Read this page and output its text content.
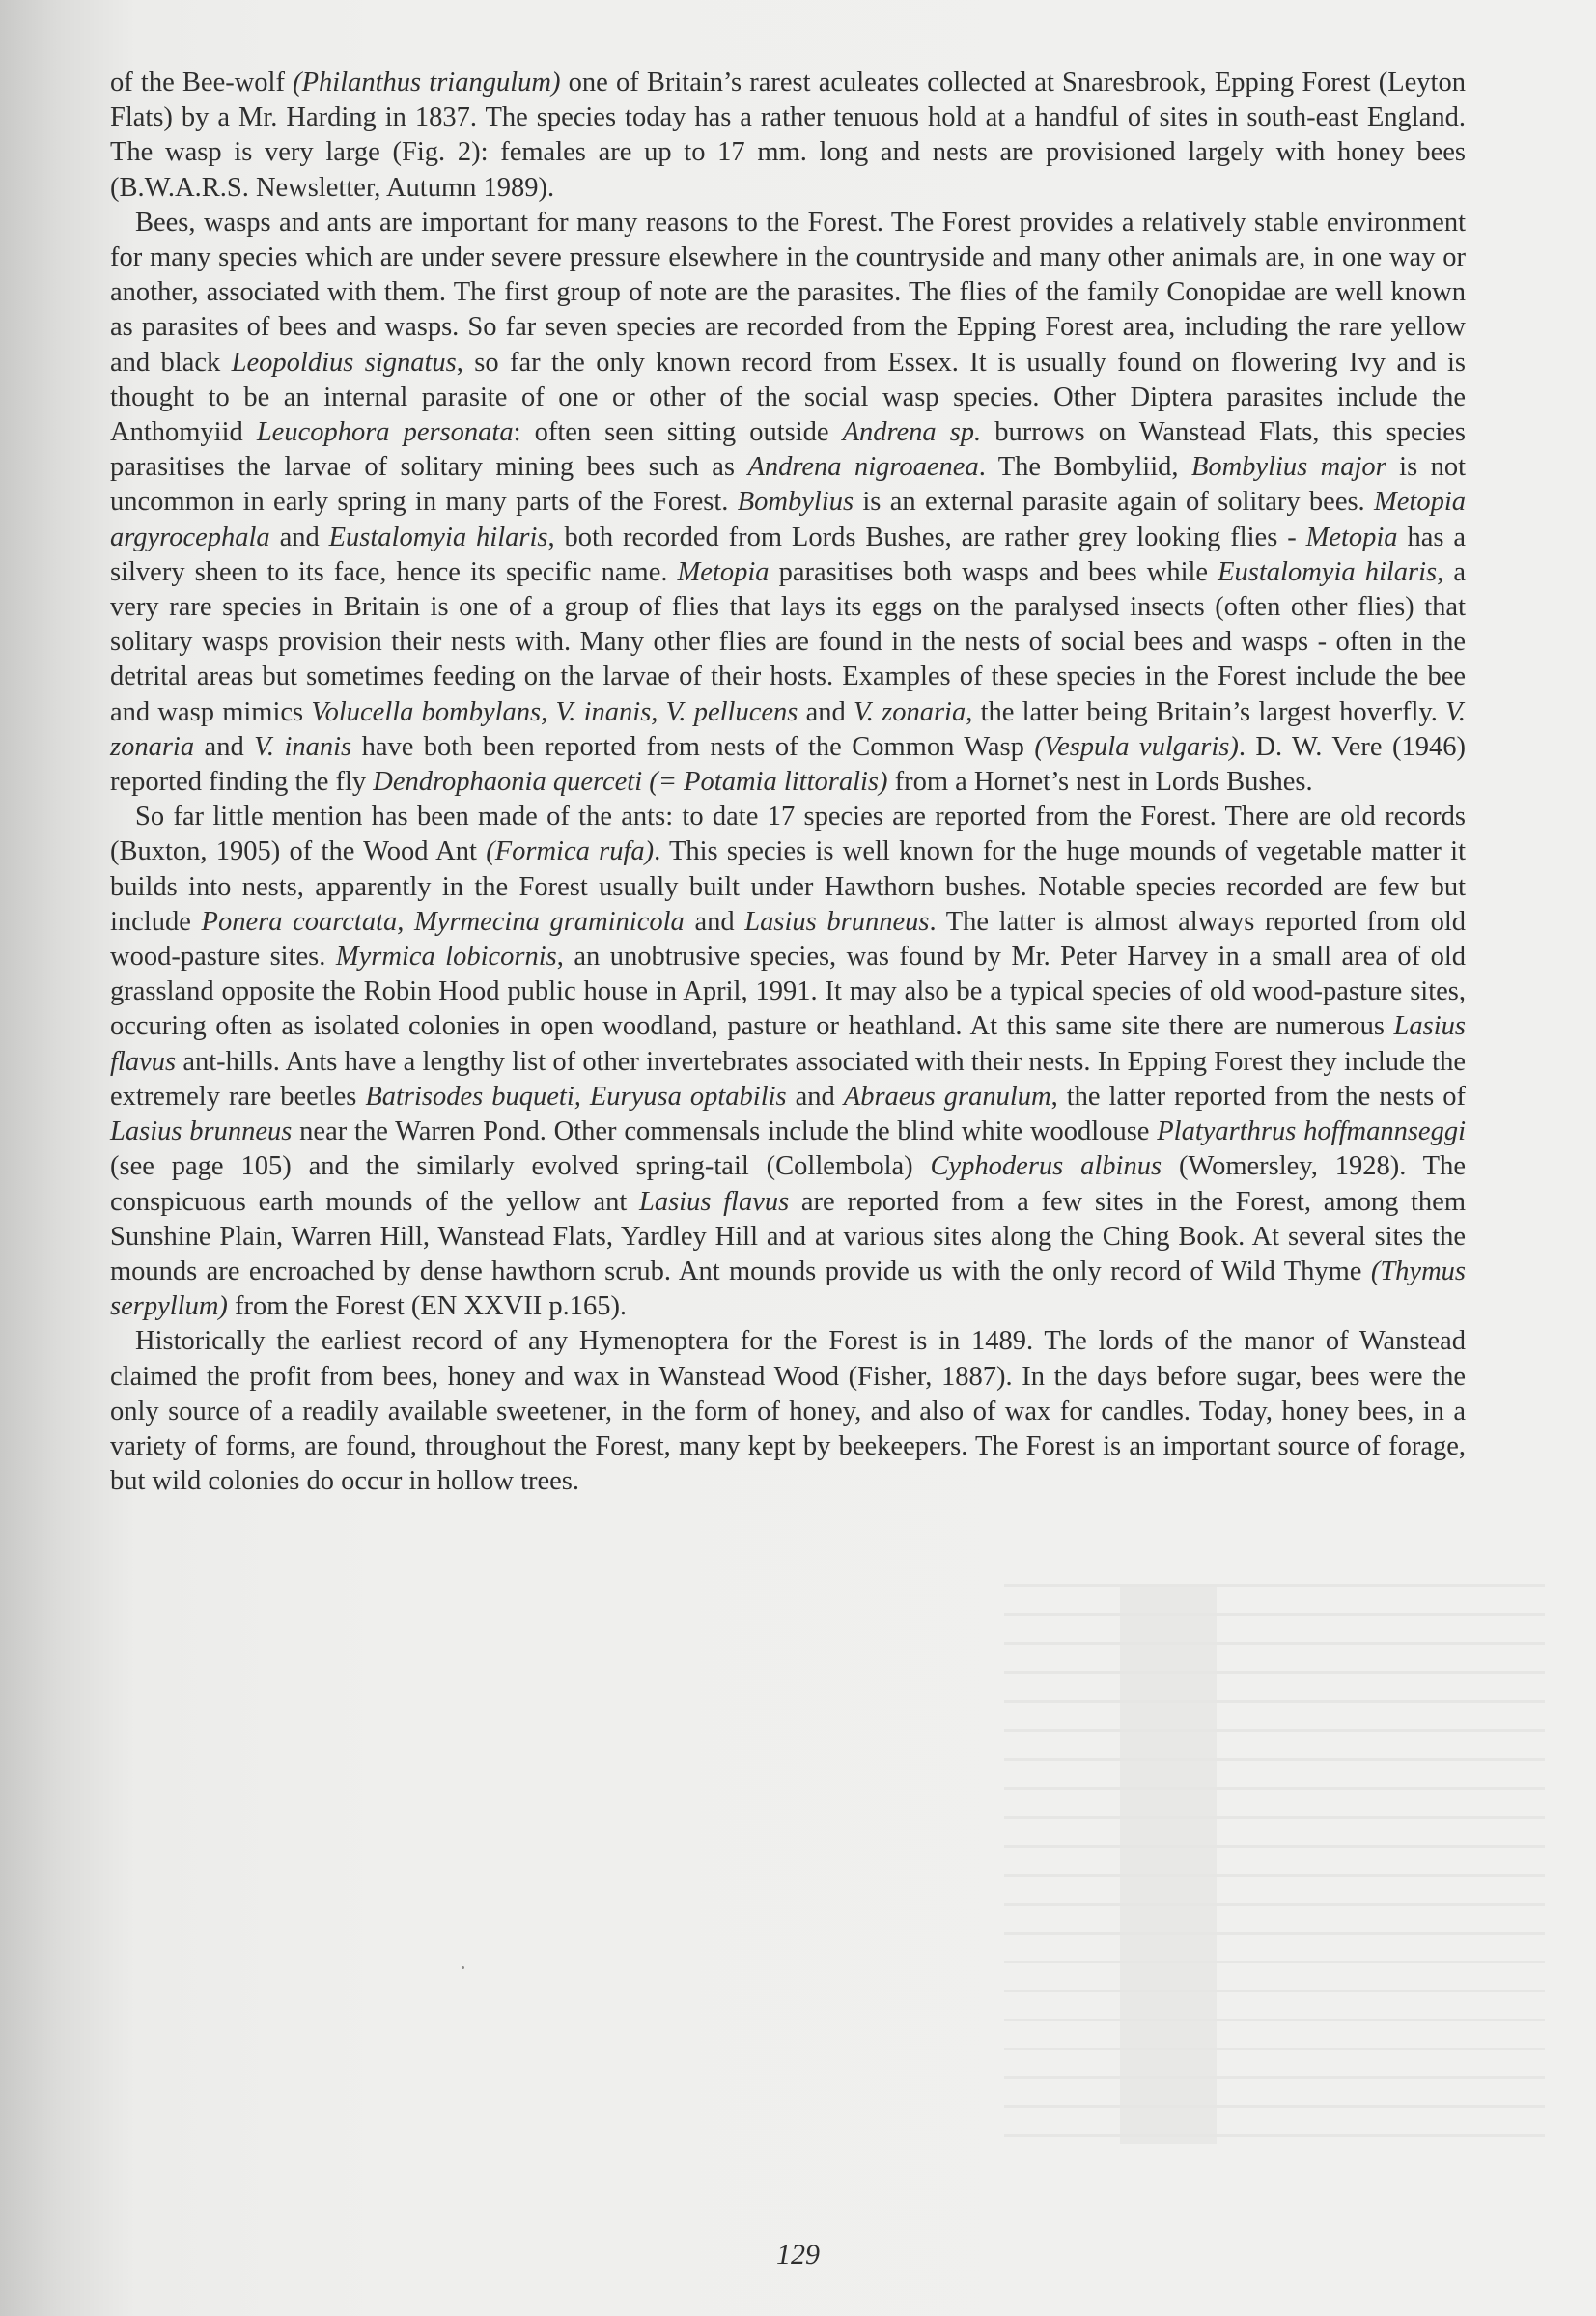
of the Bee-wolf (Philanthus triangulum) one of Britain’s rarest aculeates collected at Snaresbrook, Epping Forest (Leyton Flats) by a Mr. Harding in 1837. The species today has a rather tenuous hold at a handful of sites in south-east England. The wasp is very large (Fig. 2): females are up to 17 mm. long and nests are provisioned largely with honey bees (B.W.A.R.S. Newsletter, Autumn 1989).

Bees, wasps and ants are important for many reasons to the Forest. The Forest provides a relatively stable environment for many species which are under severe pressure elsewhere in the countryside and many other animals are, in one way or another, associated with them. The first group of note are the parasites. The flies of the family Conopidae are well known as parasites of bees and wasps. So far seven species are recorded from the Epping Forest area, including the rare yellow and black Leopoldius signatus, so far the only known record from Essex. It is usually found on flowering Ivy and is thought to be an internal parasite of one or other of the social wasp species. Other Diptera parasites include the Anthomyiid Leucophora personata: often seen sitting outside Andrena sp. burrows on Wanstead Flats, this species parasitises the larvae of solitary mining bees such as Andrena nigroaenea. The Bombyliid, Bombylius major is not uncommon in early spring in many parts of the Forest. Bombylius is an external parasite again of solitary bees. Metopia argyrocephala and Eustalomyia hilaris, both recorded from Lords Bushes, are rather grey looking flies - Metopia has a silvery sheen to its face, hence its specific name. Metopia parasitises both wasps and bees while Eustalomyia hilaris, a very rare species in Britain is one of a group of flies that lays its eggs on the paralysed insects (often other flies) that solitary wasps provision their nests with. Many other flies are found in the nests of social bees and wasps - often in the detrital areas but sometimes feeding on the larvae of their hosts. Examples of these species in the Forest include the bee and wasp mimics Volucella bombylans, V. inanis, V. pellucens and V. zonaria, the latter being Britain’s largest hoverfly. V. zonaria and V. inanis have both been reported from nests of the Common Wasp (Vespula vulgaris). D. W. Vere (1946) reported finding the fly Dendrophaonia querceti (= Potamia littoralis) from a Hornet’s nest in Lords Bushes.

So far little mention has been made of the ants: to date 17 species are reported from the Forest. There are old records (Buxton, 1905) of the Wood Ant (Formica rufa). This species is well known for the huge mounds of vegetable matter it builds into nests, apparently in the Forest usually built under Hawthorn bushes. Notable species recorded are few but include Ponera coarctata, Myrmecina graminicola and Lasius brunneus. The latter is almost always reported from old wood-pasture sites. Myrmica lobicornis, an unobtrusive species, was found by Mr. Peter Harvey in a small area of old grassland opposite the Robin Hood public house in April, 1991. It may also be a typical species of old wood-pasture sites, occuring often as isolated colonies in open woodland, pasture or heathland. At this same site there are numerous Lasius flavus ant-hills. Ants have a lengthy list of other invertebrates associated with their nests. In Epping Forest they include the extremely rare beetles Batrisodes buqueti, Euryusa optabilis and Abraeus granulum, the latter reported from the nests of Lasius brunneus near the Warren Pond. Other commensals include the blind white woodlouse Platyarthrus hoffmannseggi (see page 105) and the similarly evolved spring-tail (Collembola) Cyphoderus albinus (Womersley, 1928). The conspicuous earth mounds of the yellow ant Lasius flavus are reported from a few sites in the Forest, among them Sunshine Plain, Warren Hill, Wanstead Flats, Yardley Hill and at various sites along the Ching Book. At several sites the mounds are encroached by dense hawthorn scrub. Ant mounds provide us with the only record of Wild Thyme (Thymus serpyllum) from the Forest (EN XXVII p.165).

Historically the earliest record of any Hymenoptera for the Forest is in 1489. The lords of the manor of Wanstead claimed the profit from bees, honey and wax in Wanstead Wood (Fisher, 1887). In the days before sugar, bees were the only source of a readily available sweetener, in the form of honey, and also of wax for candles. Today, honey bees, in a variety of forms, are found, throughout the Forest, many kept by beekeepers. The Forest is an important source of forage, but wild colonies do occur in hollow trees.

129
